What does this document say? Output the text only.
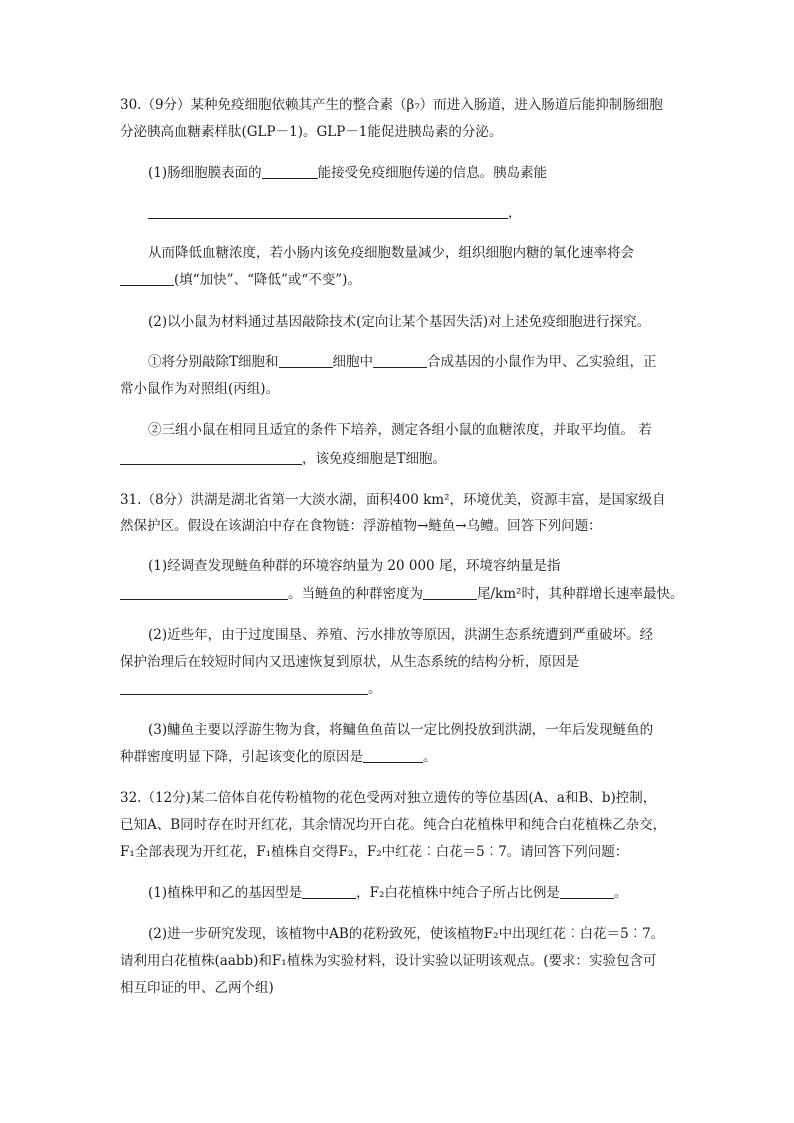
30.（9分）某种免疫细胞依赖其产生的整合素（β₇）而进入肠道，进入肠道后能抑制肠细胞
分泌胰高血糖素样肽(GLP－1)。GLP－1能促进胰岛素的分泌。
(1)肠细胞膜表面的	能接受免疫细胞传递的信息。胰岛素能
，
从而降低血糖浓度，若小肠内该免疫细胞数量减少，组织细胞内糖的氧化速率将会
(填“加快”、“降低”或“不变”)。
(2)以小鼠为材料通过基因敲除技术(定向让某个基因失活)对上述免疫细胞进行探究。
①将分别敲除T细胞和	细胞中	合成基因的小鼠作为甲、乙实验组，正
常小鼠作为对照组(丙组)。
②三组小鼠在相同且适宜的条件下培养，测定各组小鼠的血糖浓度，并取平均值。 若
，该免疫细胞是T细胞。
31.（8分）洪湖是湖北省第一大淡水湖，面积400 km²，环境优美，资源丰富，是国家级自
然保护区。假设在该湖泊中存在食物链：浮游植物→鲢鱼→乌鳢。回答下列问题：
(1)经调查发现鲢鱼种群的环境容纳量为 20 000 尾，环境容纳量是指
。当鲢鱼的种群密度为	尾/km²时，其种群增长速率最快。
(2)近些年，由于过度围垦、养殖、污水排放等原因，洪湖生态系统遭到严重破坏。经
保护治理后在较短时间内又迅速恢复到原状，从生态系统的结构分析，原因是
。
(3)鳙鱼主要以浮游生物为食，将鳙鱼鱼苗以一定比例投放到洪湖，一年后发现鲢鱼的
种群密度明显下降，引起该变化的原因是	。
32.（12分)某二倍体自花传粉植物的花色受两对独立遗传的等位基因(A、a和B、b)控制，
已知A、B同时存在时开红花，其余情况均开白花。纯合白花植株甲和纯合白花植株乙杂交，
F₁全部表现为开红花，F₁植株自交得F₂，F₂中红花︰白花＝5︰7。请回答下列问题：
(1)植株甲和乙的基因型是	，F₂白花植株中纯合子所占比例是	。
(2)进一步研究发现，该植物中AB的花粉致死，使该植物F₂中出现红花︰白花＝5︰7。
请利用白花植株(aabb)和F₁植株为实验材料，设计实验以证明该观点。(要求：实验包含可
相互印证的甲、乙两个组)
